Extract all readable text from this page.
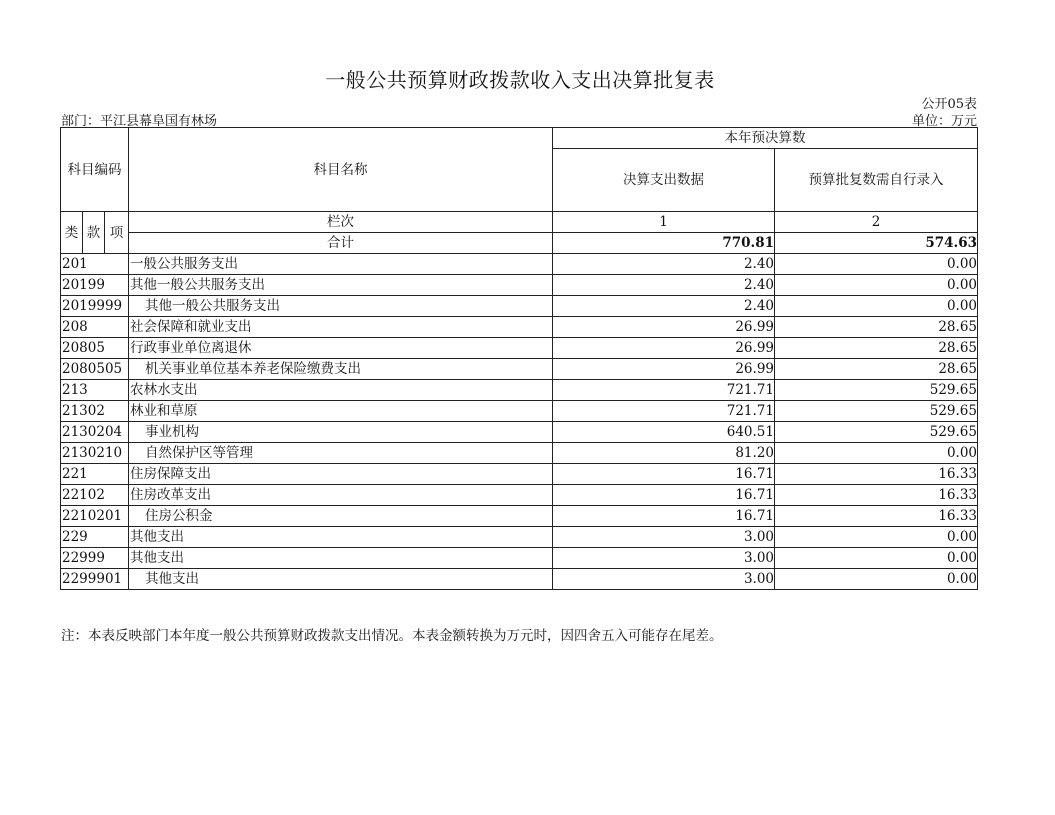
一般公共预算财政拨款收入支出决算批复表
公开05表
部门：平江县幕阜国有林场	单位：万元
科目编码			科目名称	本年预决算数	
				决算支出数据	预算批复数需自行录入

类	款	项	栏次	1	2
			合计	770.81	574.63
201			一般公共服务支出	2.40	0.00
20199			其他一般公共服务支出	2.40	0.00
2019999			其他一般公共服务支出	2.40	0.00
208			社会保障和就业支出	26.99	28.65
20805			行政事业单位离退休	26.99	28.65
2080505			机关事业单位基本养老保险缴费支出	26.99	28.65
213			农林水支出	721.71	529.65
21302			林业和草原	721.71	529.65
2130204			事业机构	640.51	529.65
2130210			自然保护区等管理	81.20	0.00
221			住房保障支出	16.71	16.33
22102			住房改革支出	16.71	16.33
2210201			住房公积金	16.71	16.33
229			其他支出	3.00	0.00
22999			其他支出	3.00	0.00
2299901			其他支出	3.00	0.00
注：本表反映部门本年度一般公共预算财政拨款支出情况。本表金额转换为万元时，因四舍五入可能存在尾差。
